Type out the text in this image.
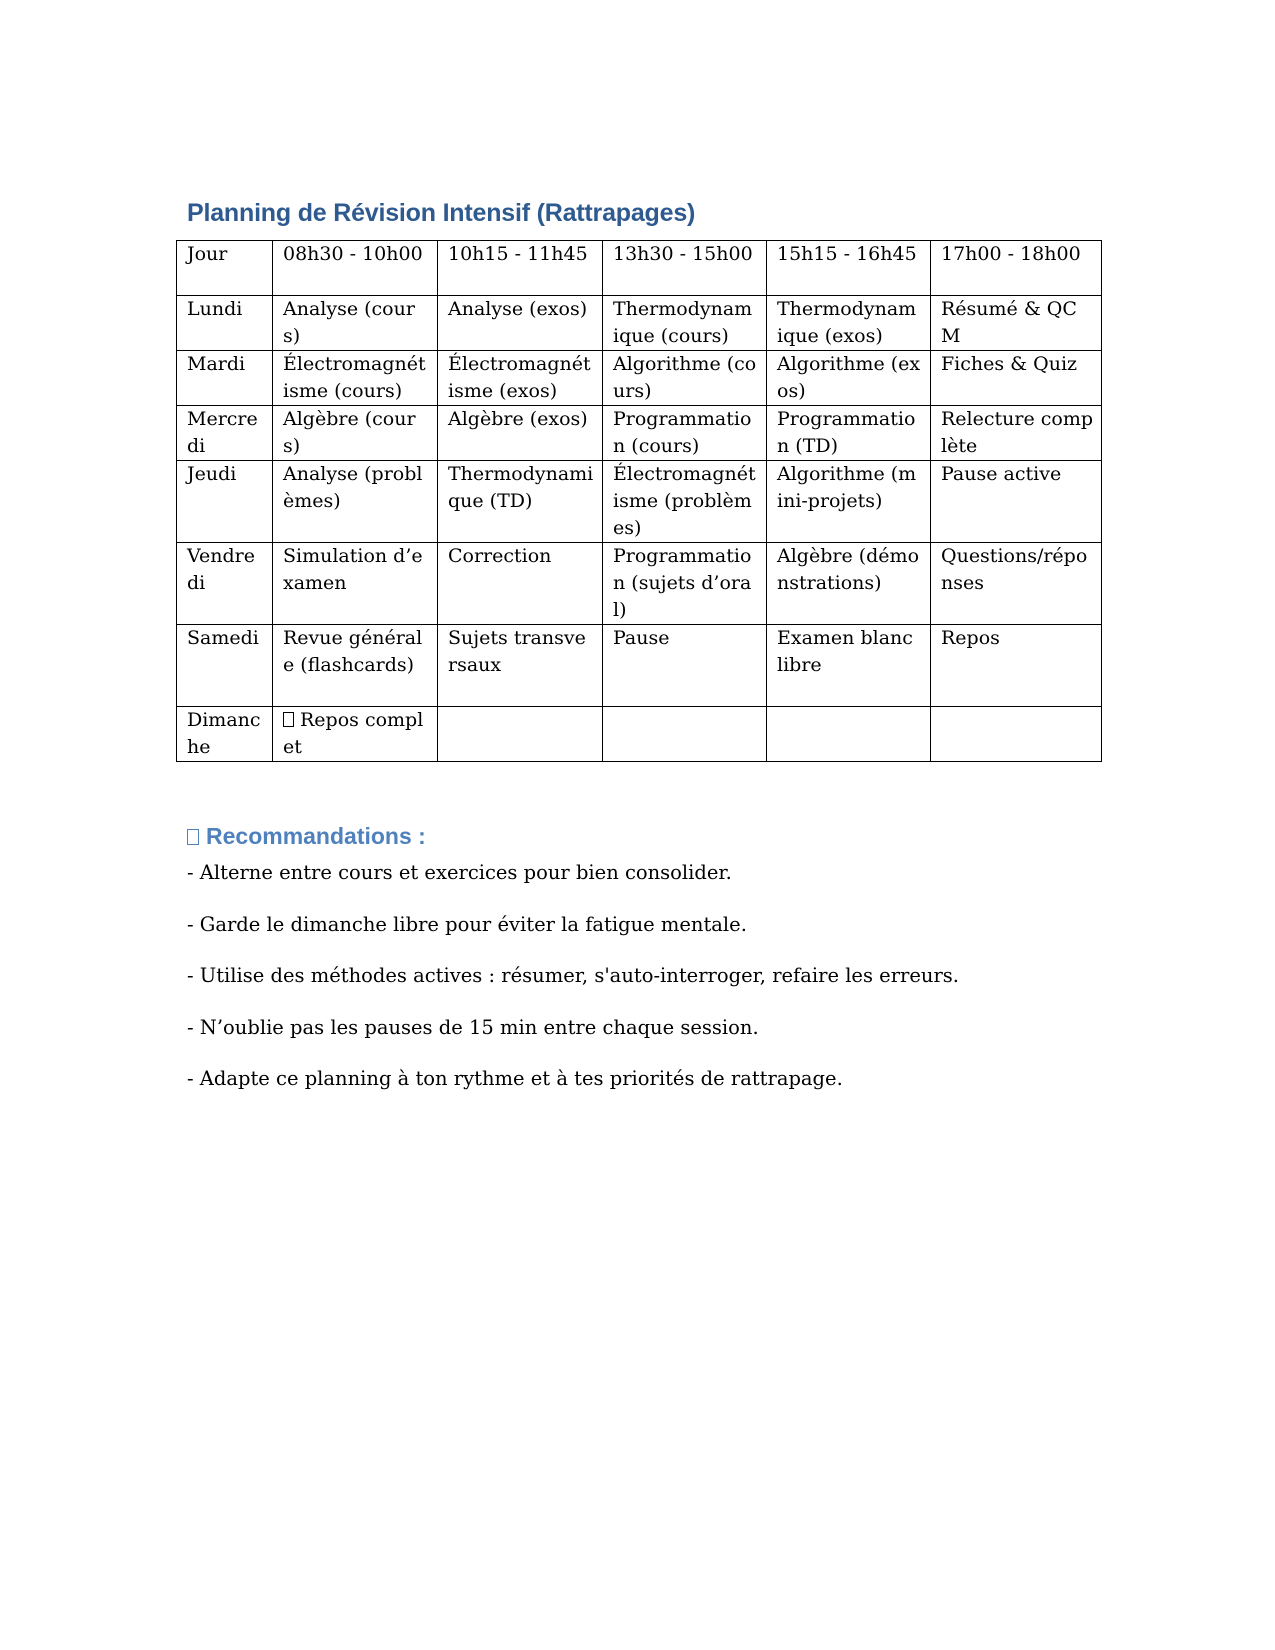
Planning de Révision Intensif (Rattrapages)
Jour	08h30 - 10h00	10h15 - 11h45	13h30 - 15h00	15h15 - 16h45	17h00 - 18h00
Lundi	Analyse (cours)	Analyse (exos)	Thermodynamique (cours)	Thermodynamique (exos)	Résumé & QCM
Mardi	Électromagnétisme (cours)	Électromagnétisme (exos)	Algorithme (cours)	Algorithme (exos)	Fiches & Quiz
Mercredi	Algèbre (cours)	Algèbre (exos)	Programmation (cours)	Programmation (TD)	Relecture complète
Jeudi	Analyse (problèmes)	Thermodynamique (TD)	Électromagnétisme (problèmes)	Algorithme (mini-projets)	Pause active
Vendredi	Simulation d’examen	Correction	Programmation (sujets d’oral)	Algèbre (démonstrations)	Questions/réponses
Samedi	Revue générale (flashcards)	Sujets transversaux	Pause	Examen blanc libre	Repos
Dimanche	Repos complet				
Recommandations :
- Alterne entre cours et exercices pour bien consolider.
- Garde le dimanche libre pour éviter la fatigue mentale.
- Utilise des méthodes actives : résumer, s'auto-interroger, refaire les erreurs.
- N’oublie pas les pauses de 15 min entre chaque session.
- Adapte ce planning à ton rythme et à tes priorités de rattrapage.
